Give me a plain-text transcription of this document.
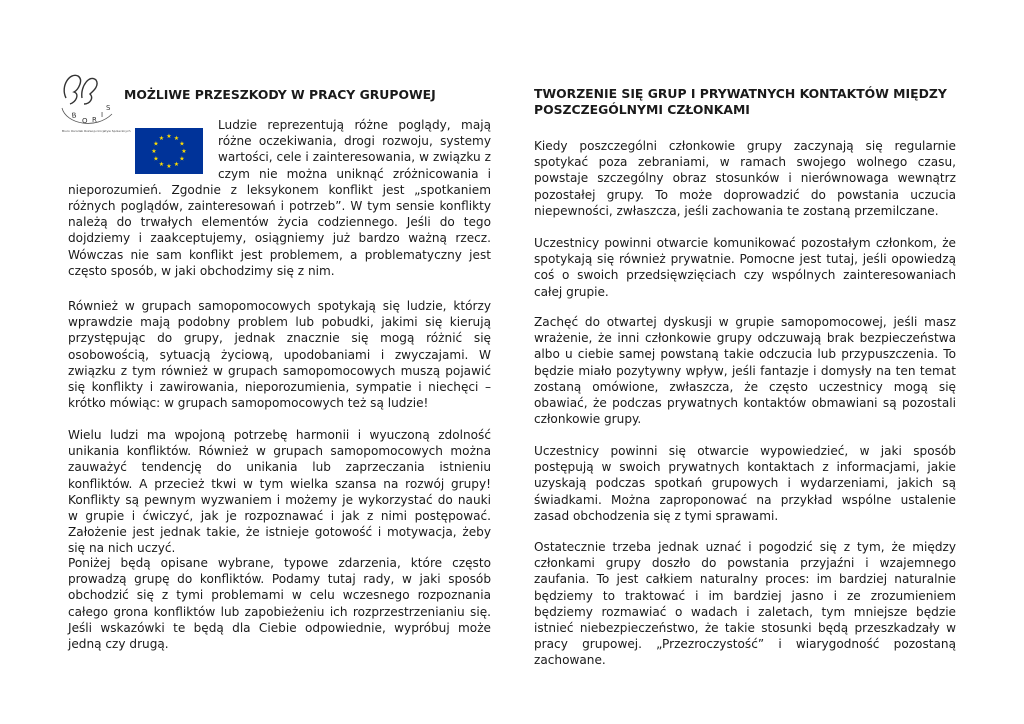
B
O R
I
S
Biuro Osrodek Rozwoju Inicjatyw Spolecznych
★ ★
★
★
★
★
★
★
★
★
★
★
MOŻLIWE PRZESZKODY W PRACY GRUPOWEJ

Ludzie reprezentują różne poglądy, mają różne oczekiwania, drogi rozwoju, systemy wartości, cele i zainteresowania, w związku z czym nie można uniknąć zróżnicowania i nieporozumień. Zgodnie z leksykonem konflikt jest „spotkaniem różnych poglądów, zainteresowań i potrzeb”. W tym sensie konflikty należą do trwałych elementów życia codziennego. Jeśli do tego dojdziemy i zaakceptujemy, osiągniemy już bardzo ważną rzecz. Wówczas nie sam konflikt jest problemem, a problematyczny jest często sposób, w jaki obchodzimy się z nim.

Również w grupach samopomocowych spotykają się ludzie, którzy wprawdzie mają podobny problem lub pobudki, jakimi się kierują przystępując do grupy, jednak znacznie się mogą różnić się osobowością, sytuacją życiową, upodobaniami i zwyczajami. W związku z tym również w grupach samopomocowych muszą pojawić się konflikty i zawirowania, nieporozumienia, sympatie i niechęci – krótko mówiąc: w grupach samopomocowych też są ludzie!

Wielu ludzi ma wpojoną potrzebę harmonii i wyuczoną zdolność unikania konfliktów. Również w grupach samopomocowych można zauważyć tendencję do unikania lub zaprzeczania istnieniu konfliktów. A przecież tkwi w tym wielka szansa na rozwój grupy! Konflikty są pewnym wyzwaniem i możemy je wykorzystać do nauki w grupie i ćwiczyć, jak je rozpoznawać i jak z nimi postępować. Założenie jest jednak takie, że istnieje gotowość i motywacja, żeby się na nich uczyć.

Poniżej będą opisane wybrane, typowe zdarzenia, które często prowadzą grupę do konfliktów. Podamy tutaj rady, w jaki sposób obchodzić się z tymi problemami w celu wczesnego rozpoznania całego grona konfliktów lub zapobieżeniu ich rozprzestrzenianiu się. Jeśli wskazówki te będą dla Ciebie odpowiednie, wypróbuj może jedną czy drugą.

TWORZENIE SIĘ GRUP I PRYWATNYCH KONTAKTÓW MIĘDZY POSZCZEGÓLNYMI CZŁONKAMI

Kiedy poszczególni członkowie grupy zaczynają się regularnie spotykać poza zebraniami, w ramach swojego wolnego czasu, powstaje szczególny obraz stosunków i nierównowaga wewnątrz pozostałej grupy. To może doprowadzić do powstania uczucia niepewności, zwłaszcza, jeśli zachowania te zostaną przemilczane.

Uczestnicy powinni otwarcie komunikować pozostałym członkom, że spotykają się również prywatnie. Pomocne jest tutaj, jeśli opowiedzą coś o swoich przedsięwzięciach czy wspólnych zainteresowaniach całej grupie.

Zachęć do otwartej dyskusji w grupie samopomocowej, jeśli masz wrażenie, że inni członkowie grupy odczuwają brak bezpieczeństwa albo u ciebie samej powstaną takie odczucia lub przypuszczenia. To będzie miało pozytywny wpływ, jeśli fantazje i domysły na ten temat zostaną omówione, zwłaszcza, że często uczestnicy mogą się obawiać, że podczas prywatnych kontaktów obmawiani są pozostali członkowie grupy.

Uczestnicy powinni się otwarcie wypowiedzieć, w jaki sposób postępują w swoich prywatnych kontaktach z informacjami, jakie uzyskają podczas spotkań grupowych i wydarzeniami, jakich są świadkami. Można zaproponować na przykład wspólne ustalenie zasad obchodzenia się z tymi sprawami.

Ostatecznie trzeba jednak uznać i pogodzić się z tym, że między członkami grupy doszło do powstania przyjaźni i wzajemnego zaufania. To jest całkiem naturalny proces: im bardziej naturalnie będziemy to traktować i im bardziej jasno i ze zrozumieniem będziemy rozmawiać o wadach i zaletach, tym mniejsze będzie istnieć niebezpieczeństwo, że takie stosunki będą przeszkadzały w pracy grupowej. „Przezroczystość” i wiarygodność pozostaną zachowane.
